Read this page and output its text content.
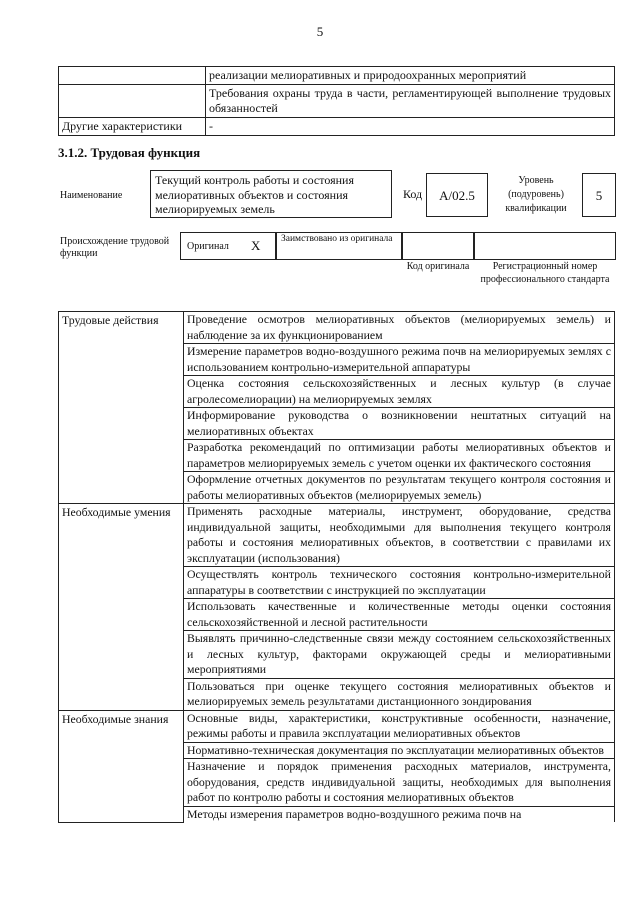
5
	реализации мелиоративных и природоохранных мероприятий
	Требования охраны труда в части, регламентирующей выполнение трудовых обязанностей
Другие характеристики	-
3.1.2. Трудовая функция
Наименование
Текущий контроль работы и состояния мелиоративных объектов и состояния мелиорируемых земель
Код	А/02.5
Уровень (подуровень) квалификации
5
Происхождение трудовой функции
Оригинал X Заимствовано из оригинала
Код оригинала	Регистрационный номер профессионального стандарта
Трудовые действия	Проведение осмотров мелиоративных объектов (мелиорируемых земель) и наблюдение за их функционированием
	Измерение параметров водно-воздушного режима почв на мелиорируемых землях с использованием контрольно-измерительной аппаратуры
	Оценка состояния сельскохозяйственных и лесных культур (в случае агролесомелиорации) на мелиорируемых землях
	Информирование руководства о возникновении нештатных ситуаций на мелиоративных объектах
	Разработка рекомендаций по оптимизации работы мелиоративных объектов и параметров мелиорируемых земель с учетом оценки их фактического состояния
	Оформление отчетных документов по результатам текущего контроля состояния и работы мелиоративных объектов (мелиорируемых земель)
Необходимые умения	Применять расходные материалы, инструмент, оборудование, средства индивидуальной защиты, необходимыми для выполнения текущего контроля работы и состояния мелиоративных объектов, в соответствии с правилами их эксплуатации (использования)
	Осуществлять контроль технического состояния контрольно-измерительной аппаратуры в соответствии с инструкцией по эксплуатации
	Использовать качественные и количественные методы оценки состояния сельскохозяйственной и лесной растительности
	Выявлять причинно-следственные связи между состоянием сельскохозяйственных и лесных культур, факторами окружающей среды и мелиоративными мероприятиями
	Пользоваться при оценке текущего состояния мелиоративных объектов и мелиорируемых земель результатами дистанционного зондирования
Необходимые знания	Основные виды, характеристики, конструктивные особенности, назначение, режимы работы и правила эксплуатации мелиоративных объектов
	Нормативно-техническая документация по эксплуатации мелиоративных объектов
	Назначение и порядок применения расходных материалов, инструмента, оборудования, средств индивидуальной защиты, необходимых для выполнения работ по контролю работы и состояния мелиоративных объектов
	Методы измерения параметров водно-воздушного режима почв на
